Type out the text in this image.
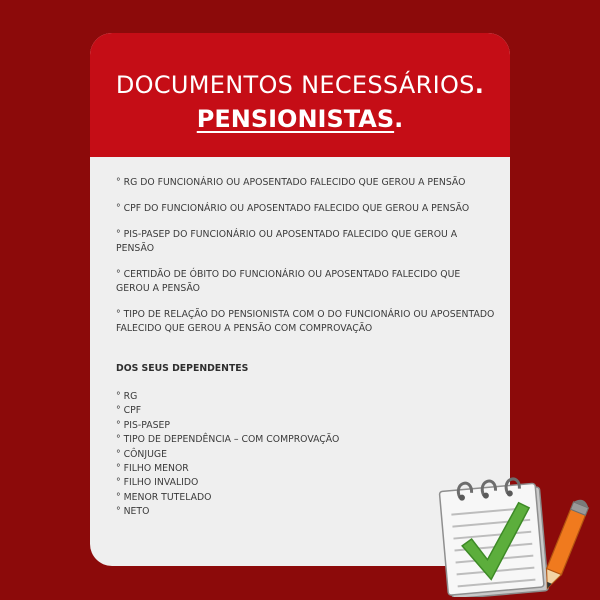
DOCUMENTOS NECESSÁRIOS.
PENSIONISTAS.
° RG DO FUNCIONÁRIO OU APOSENTADO FALECIDO QUE GEROU A PENSÃO
° CPF DO FUNCIONÁRIO OU APOSENTADO FALECIDO QUE GEROU A PENSÃO
° PIS-PASEP DO FUNCIONÁRIO OU APOSENTADO FALECIDO QUE GEROU A PENSÃO
° CERTIDÃO DE ÓBITO DO FUNCIONÁRIO OU APOSENTADO FALECIDO QUE GEROU A PENSÃO
° TIPO DE RELAÇÃO DO PENSIONISTA COM O DO FUNCIONÁRIO OU APOSENTADO FALECIDO QUE GEROU A PENSÃO COM COMPROVAÇÃO
DOS SEUS DEPENDENTES
° RG
° CPF
° PIS-PASEP
° TIPO DE DEPENDÊNCIA – COM COMPROVAÇÃO
° CÔNJUGE
° FILHO MENOR
° FILHO INVALIDO
° MENOR TUTELADO
° NETO
